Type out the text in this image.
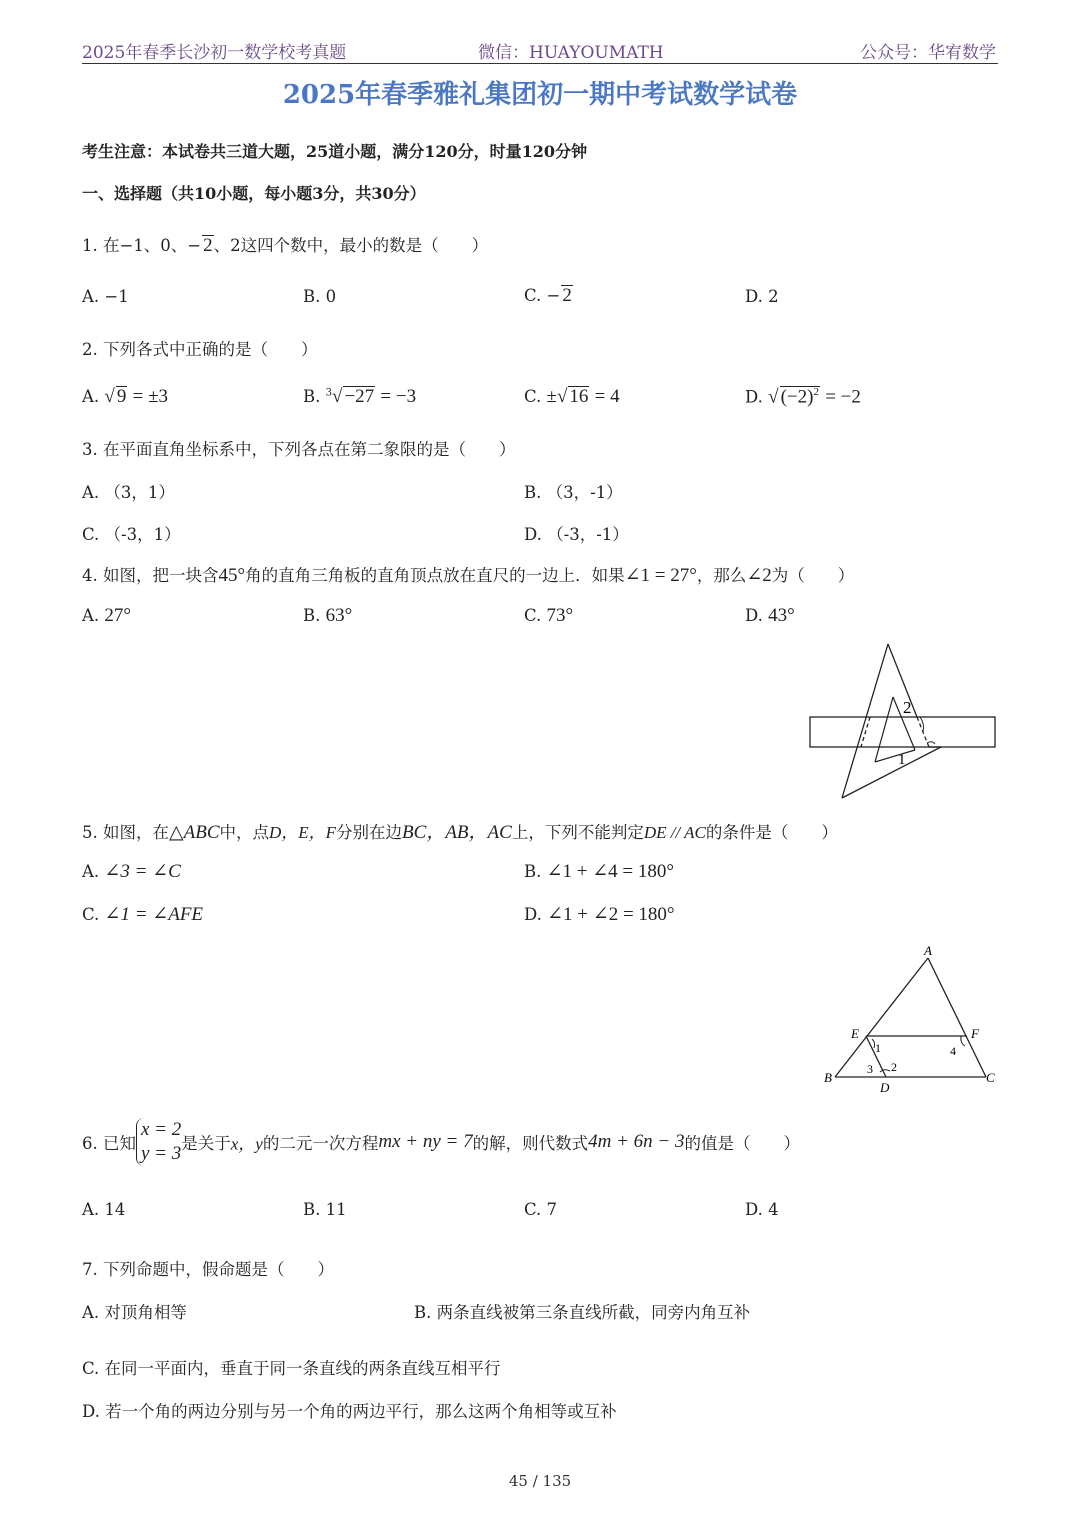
2025年春季长沙初一数学校考真题	微信：HUAYOUMATH	公众号：华宥数学
2025年春季雅礼集团初一期中考试数学试卷
考生注意：本试卷共三道大题，25道小题，满分120分，时量120分钟
一、选择题（共10小题，每小题3分，共30分）
1. 在−1、0、− 2、2这四个数中，最小的数是（　　）
A. −1	B. 0	C. − 2	D. 2
2. 下列各式中正确的是（　　）
A. √ 9 = ±3	B. $^3$√ −27 = −3	C. ±√ 16 = 4	D. √ $(-2)^2 = -2$
3. 在平面直角坐标系中，下列各点在第二象限的是（　　）
A. （3，1）	B. （3，-1）
C. （-3，1）	D. （-3，-1）
4. 如图，把一块含45°角的直角三角板的直角顶点放在直尺的一边上．如果∠1 = 27°，那么∠2为（　　）
A. 27°	B. 63°	C. 73°	D. 43°
2
1
5. 如图，在△ABC中，点D，E，F分别在边BC，AB，AC上，下列不能判定DE // AC的条件是（　　）
A. ∠3 = ∠C	B. ∠1 + ∠4 = 180°
C. ∠1 = ∠AFE	D. ∠1 + ∠2 = 180°
A
E	F
B
D
C
1	4
3 2
6. 已知
x = 2
y = 3 是关于x，y的二元一次方程mx + ny = 7的解，则代数式4m + 6n − 3的值是（　　）
A. 14	B. 11	C. 7	D. 4
7. 下列命题中，假命题是（　　）
A. 对顶角相等	B. 两条直线被第三条直线所截，同旁内角互补
C. 在同一平面内，垂直于同一条直线的两条直线互相平行
D. 若一个角的两边分别与另一个角的两边平行，那么这两个角相等或互补
45 / 135
